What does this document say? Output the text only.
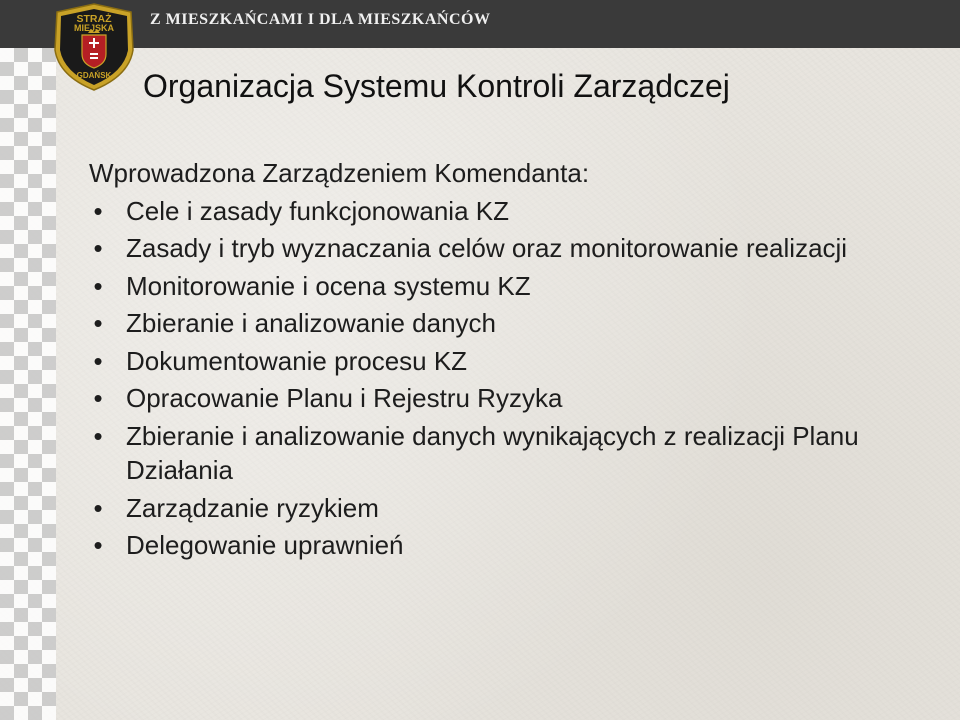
Z MIESZKAŃCAMI I DLA MIESZKAŃCÓW
STRAŻ
MIEJSKA
GDAŃSK Organizacja Systemu Kontroli Zarządczej

Wprowadzona Zarządzeniem Komendanta:

• Cele i zasady funkcjonowania KZ
• Zasady i tryb wyznaczania celów oraz monitorowanie realizacji
• Monitorowanie i ocena systemu KZ
• Zbieranie i analizowanie danych
• Dokumentowanie procesu KZ
• Opracowanie Planu i Rejestru Ryzyka
• Zbieranie i analizowanie danych wynikających z realizacji Planu Działania
• Zarządzanie ryzykiem
• Delegowanie uprawnień
